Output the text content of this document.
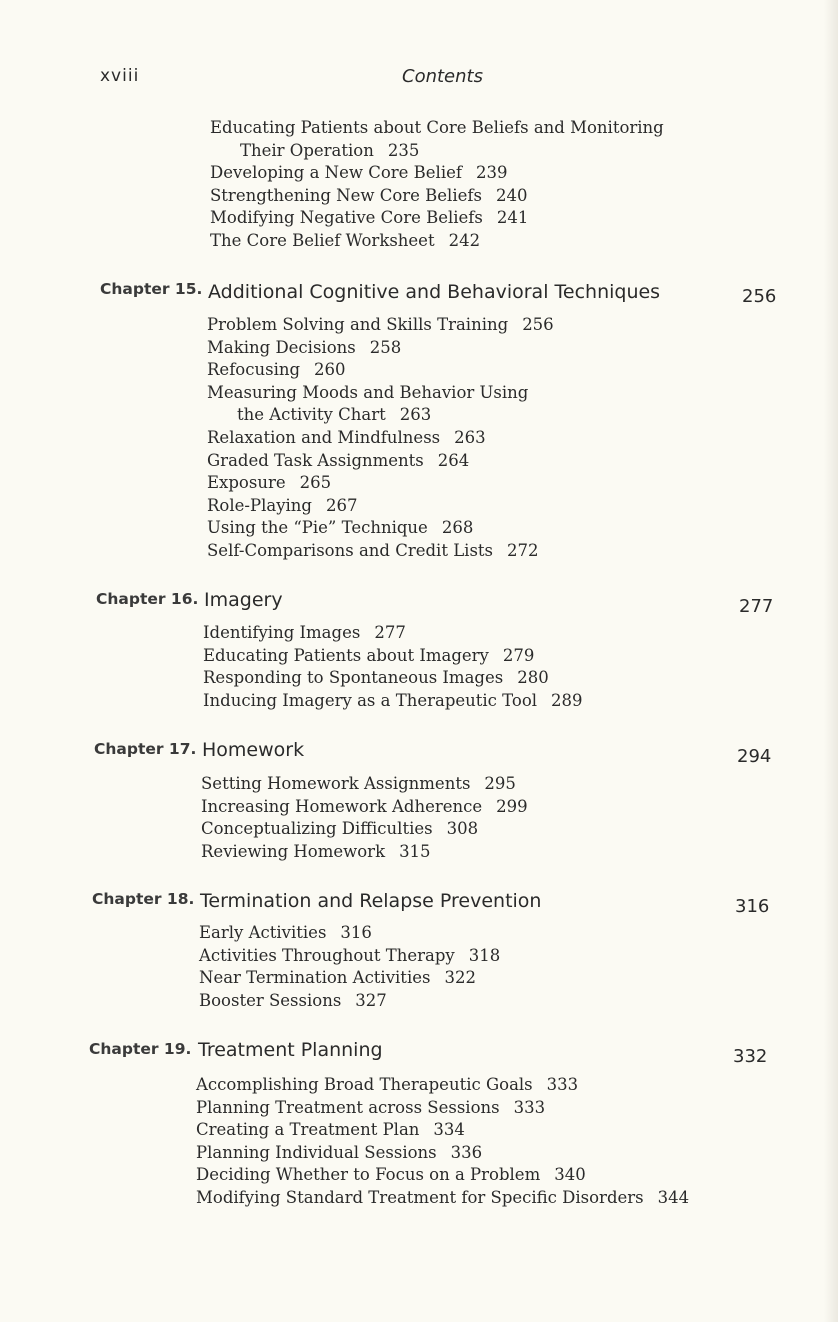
xviii	Contents
Educating Patients about Core Beliefs and Monitoring
Their Operation 235
Developing a New Core Belief 239
Strengthening New Core Beliefs 240
Modifying Negative Core Beliefs 241
The Core Belief Worksheet 242
Chapter 15. Additional Cognitive and Behavioral Techniques	256
Problem Solving and Skills Training 256
Making Decisions 258
Refocusing 260
Measuring Moods and Behavior Using
the Activity Chart 263
Relaxation and Mindfulness 263
Graded Task Assignments 264
Exposure 265
Role-Playing 267
Using the “Pie” Technique 268
Self-Comparisons and Credit Lists 272
Chapter 16. Imagery	277
Identifying Images 277
Educating Patients about Imagery 279
Responding to Spontaneous Images 280
Inducing Imagery as a Therapeutic Tool 289
Chapter 17. Homework	294
Setting Homework Assignments 295
Increasing Homework Adherence 299
Conceptualizing Difficulties 308
Reviewing Homework 315
Chapter 18. Termination and Relapse Prevention	316
Early Activities 316
Activities Throughout Therapy 318
Near Termination Activities 322
Booster Sessions 327
Chapter 19. Treatment Planning	332
Accomplishing Broad Therapeutic Goals 333
Planning Treatment across Sessions 333
Creating a Treatment Plan 334
Planning Individual Sessions 336
Deciding Whether to Focus on a Problem 340
Modifying Standard Treatment for Specific Disorders 344
